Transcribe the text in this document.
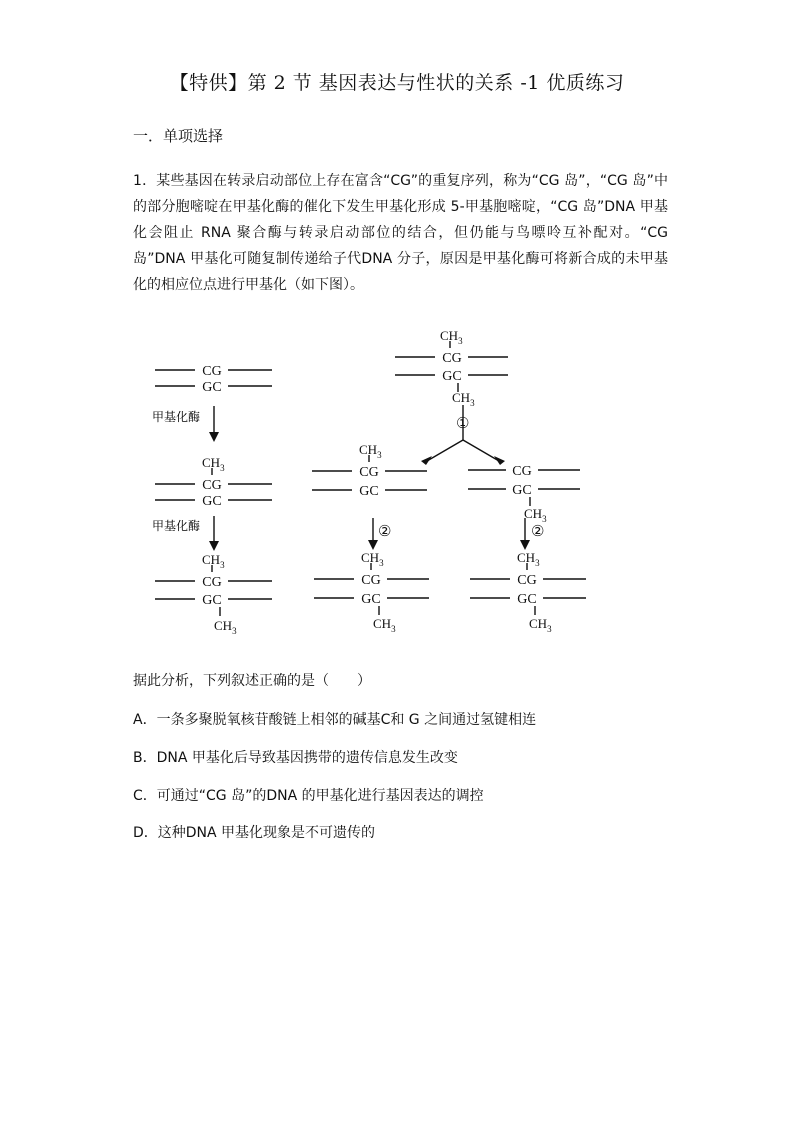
【特供】第 2 节 基因表达与性状的关系 -1 优质练习
一．单项选择
1．某些基因在转录启动部位上存在富含“CG”的重复序列，称为“CG 岛”，“CG 岛”中的部分胞嘧啶在甲基化酶的催化下发生甲基化形成 5-甲基胞嘧啶，“CG 岛”DNA 甲基化会阻止 RNA 聚合酶与转录启动部位的结合，但仍能与鸟嘌呤互补配对。“CG 岛”DNA 甲基化可随复制传递给子代DNA 分子，原因是甲基化酶可将新合成的未甲基化的相应位点进行甲基化（如下图）。
CG
GC
CG
GC
CG
GC
CG
GC
CG
GC
CG
GC
CG
GC
CG
GC
$CH_3$
$CH_3$
$CH_3$
$CH_3$
$CH_3$
$CH_3$
$CH_3$
$CH_3$
$CH_3$
$CH_3$
$CH_3$
甲基化酶
甲基化酶
①
②	②
据此分析，下列叙述正确的是（　　）
A．一条多聚脱氧核苷酸链上相邻的碱基C和 G 之间通过氢键相连
B．DNA 甲基化后导致基因携带的遗传信息发生改变
C．可通过“CG 岛”的DNA 的甲基化进行基因表达的调控
D．这种DNA 甲基化现象是不可遗传的
